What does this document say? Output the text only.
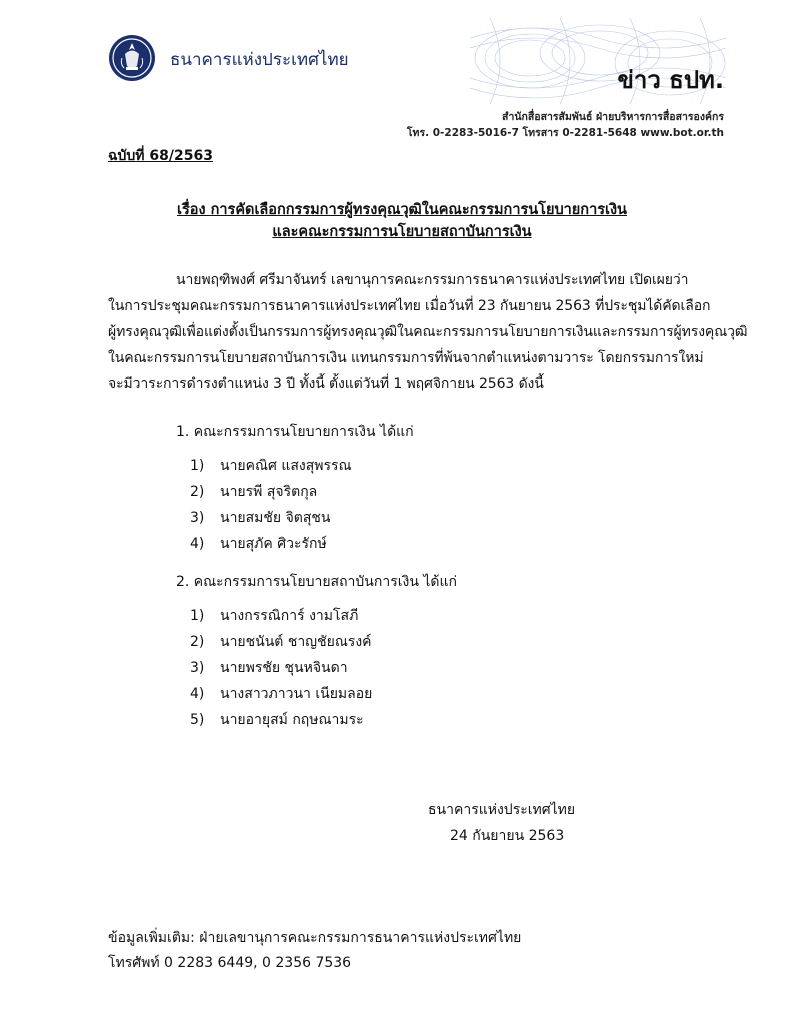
ธนาคารแห่งประเทศไทย
ข่าว ธปท.
สำนักสื่อสารสัมพันธ์ ฝ่ายบริหารการสื่อสารองค์กร
โทร. 0-2283-5016-7 โทรสาร 0-2281-5648 www.bot.or.th
ฉบับที่ 68/2563
เรื่อง การคัดเลือกกรรมการผู้ทรงคุณวุฒิในคณะกรรมการนโยบายการเงิน
และคณะกรรมการนโยบายสถาบันการเงิน
นายพฤฑิพงศ์ ศรีมาจันทร์ เลขานุการคณะกรรมการธนาคารแห่งประเทศไทย เปิดเผยว่า
ในการประชุมคณะกรรมการธนาคารแห่งประเทศไทย เมื่อวันที่ 23 กันยายน 2563 ที่ประชุมได้คัดเลือก
ผู้ทรงคุณวุฒิเพื่อแต่งตั้งเป็นกรรมการผู้ทรงคุณวุฒิในคณะกรรมการนโยบายการเงินและกรรมการผู้ทรงคุณวุฒิ
ในคณะกรรมการนโยบายสถาบันการเงิน แทนกรรมการที่พ้นจากตำแหน่งตามวาระ โดยกรรมการใหม่
จะมีวาระการดำรงตำแหน่ง 3 ปี ทั้งนี้ ตั้งแต่วันที่ 1 พฤศจิกายน 2563 ดังนี้
1. คณะกรรมการนโยบายการเงิน ได้แก่
1) นายคณิศ แสงสุพรรณ
2) นายรพี สุจริตกุล
3) นายสมชัย จิตสุชน
4) นายสุภัค ศิวะรักษ์
2. คณะกรรมการนโยบายสถาบันการเงิน ได้แก่
1) นางกรรณิการ์ งามโสภี
2) นายชนันต์ ชาญชัยณรงค์
3) นายพรชัย ชุนหจินดา
4) นางสาวภาวนา เนียมลอย
5) นายอายุสม์ กฤษณามระ
ธนาคารแห่งประเทศไทย
24 กันยายน 2563
ข้อมูลเพิ่มเติม: ฝ่ายเลขานุการคณะกรรมการธนาคารแห่งประเทศไทย
โทรศัพท์ 0 2283 6449, 0 2356 7536
